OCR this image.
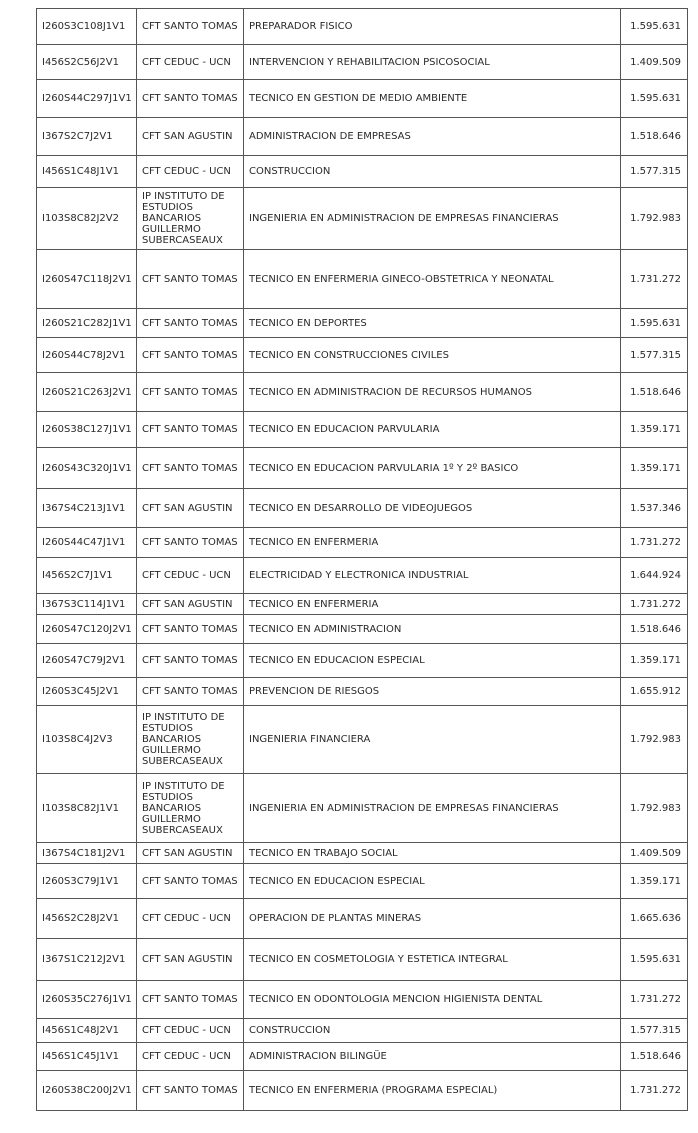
I260S3C108J1V1	CFT SANTO TOMAS	PREPARADOR FISICO	1.595.631
I456S2C56J2V1	CFT CEDUC - UCN	INTERVENCION Y REHABILITACION PSICOSOCIAL	1.409.509
I260S44C297J1V1	CFT SANTO TOMAS	TECNICO EN GESTION DE MEDIO AMBIENTE	1.595.631
I367S2C7J2V1	CFT SAN AGUSTIN	ADMINISTRACION DE EMPRESAS	1.518.646
I456S1C48J1V1	CFT CEDUC - UCN	CONSTRUCCION	1.577.315
I103S8C82J2V2	IP INSTITUTO DE ESTUDIOS BANCARIOS GUILLERMO SUBERCASEAUX	INGENIERIA EN ADMINISTRACION DE EMPRESAS FINANCIERAS	1.792.983
I260S47C118J2V1	CFT SANTO TOMAS	TECNICO EN ENFERMERIA GINECO-OBSTETRICA Y NEONATAL	1.731.272
I260S21C282J1V1	CFT SANTO TOMAS	TECNICO EN DEPORTES	1.595.631
I260S44C78J2V1	CFT SANTO TOMAS	TECNICO EN CONSTRUCCIONES CIVILES	1.577.315
I260S21C263J2V1	CFT SANTO TOMAS	TECNICO EN ADMINISTRACION DE RECURSOS HUMANOS	1.518.646
I260S38C127J1V1	CFT SANTO TOMAS	TECNICO EN EDUCACION PARVULARIA	1.359.171
I260S43C320J1V1	CFT SANTO TOMAS	TECNICO EN EDUCACION PARVULARIA 1º Y 2º BASICO	1.359.171
I367S4C213J1V1	CFT SAN AGUSTIN	TECNICO EN DESARROLLO DE VIDEOJUEGOS	1.537.346
I260S44C47J1V1	CFT SANTO TOMAS	TECNICO EN ENFERMERIA	1.731.272
I456S2C7J1V1	CFT CEDUC - UCN	ELECTRICIDAD Y ELECTRONICA INDUSTRIAL	1.644.924
I367S3C114J1V1	CFT SAN AGUSTIN	TECNICO EN ENFERMERIA	1.731.272
I260S47C120J2V1	CFT SANTO TOMAS	TECNICO EN ADMINISTRACION	1.518.646
I260S47C79J2V1	CFT SANTO TOMAS	TECNICO EN EDUCACION ESPECIAL	1.359.171
I260S3C45J2V1	CFT SANTO TOMAS	PREVENCION DE RIESGOS	1.655.912
I103S8C4J2V3	IP INSTITUTO DE ESTUDIOS BANCARIOS GUILLERMO SUBERCASEAUX	INGENIERIA FINANCIERA	1.792.983
I103S8C82J1V1	IP INSTITUTO DE ESTUDIOS BANCARIOS GUILLERMO SUBERCASEAUX	INGENIERIA EN ADMINISTRACION DE EMPRESAS FINANCIERAS	1.792.983
I367S4C181J2V1	CFT SAN AGUSTIN	TECNICO EN TRABAJO SOCIAL	1.409.509
I260S3C79J1V1	CFT SANTO TOMAS	TECNICO EN EDUCACION ESPECIAL	1.359.171
I456S2C28J2V1	CFT CEDUC - UCN	OPERACION DE PLANTAS MINERAS	1.665.636
I367S1C212J2V1	CFT SAN AGUSTIN	TECNICO EN COSMETOLOGIA Y ESTETICA INTEGRAL	1.595.631
I260S35C276J1V1	CFT SANTO TOMAS	TECNICO EN ODONTOLOGIA MENCION HIGIENISTA DENTAL	1.731.272
I456S1C48J2V1	CFT CEDUC - UCN	CONSTRUCCION	1.577.315
I456S1C45J1V1	CFT CEDUC - UCN	ADMINISTRACION BILINGÜE	1.518.646
I260S38C200J2V1	CFT SANTO TOMAS	TECNICO EN ENFERMERIA (PROGRAMA ESPECIAL)	1.731.272
